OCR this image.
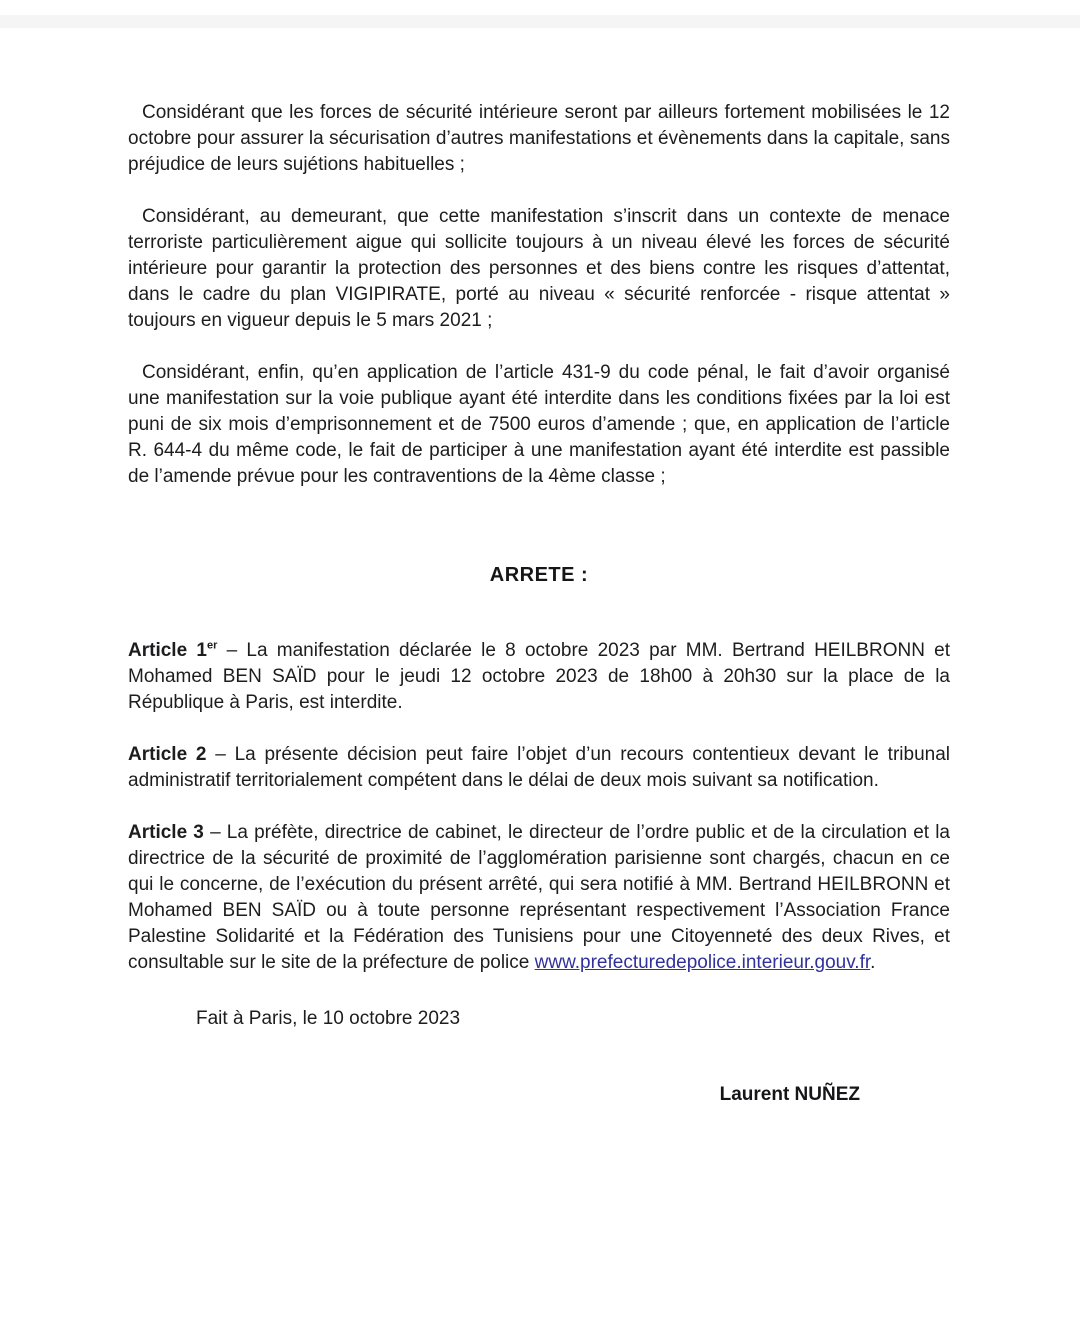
Considérant que les forces de sécurité intérieure seront par ailleurs fortement mobilisées le 12 octobre pour assurer la sécurisation d’autres manifestations et évènements dans la capitale, sans préjudice de leurs sujétions habituelles ;

Considérant, au demeurant, que cette manifestation s’inscrit dans un contexte de menace terroriste particulièrement aigue qui sollicite toujours à un niveau élevé les forces de sécurité intérieure pour garantir la protection des personnes et des biens contre les risques d’attentat, dans le cadre du plan VIGIPIRATE, porté au niveau « sécurité renforcée - risque attentat » toujours en vigueur depuis le 5 mars 2021 ;

Considérant, enfin, qu’en application de l’article 431-9 du code pénal, le fait d’avoir organisé une manifestation sur la voie publique ayant été interdite dans les conditions fixées par la loi est puni de six mois d’emprisonnement et de 7500 euros d’amende ; que, en application de l’article R. 644-4 du même code, le fait de participer à une manifestation ayant été interdite est passible de l’amende prévue pour les contraventions de la 4ème classe ;

ARRETE :

Article 1er – La manifestation déclarée le 8 octobre 2023 par MM. Bertrand HEILBRONN et Mohamed BEN SAÏD pour le jeudi 12 octobre 2023 de 18h00 à 20h30 sur la place de la République à Paris, est interdite.

Article 2 – La présente décision peut faire l’objet d’un recours contentieux devant le tribunal administratif territorialement compétent dans le délai de deux mois suivant sa notification.

Article 3 – La préfète, directrice de cabinet, le directeur de l’ordre public et de la circulation et la directrice de la sécurité de proximité de l’agglomération parisienne sont chargés, chacun en ce qui le concerne, de l’exécution du présent arrêté, qui sera notifié à MM. Bertrand HEILBRONN et Mohamed BEN SAÏD ou à toute personne représentant respectivement l’Association France Palestine Solidarité et la Fédération des Tunisiens pour une Citoyenneté des deux Rives, et consultable sur le site de la préfecture de police www.prefecturedepolice.interieur.gouv.fr.

Fait à Paris, le 10 octobre 2023

Laurent NUÑEZ
